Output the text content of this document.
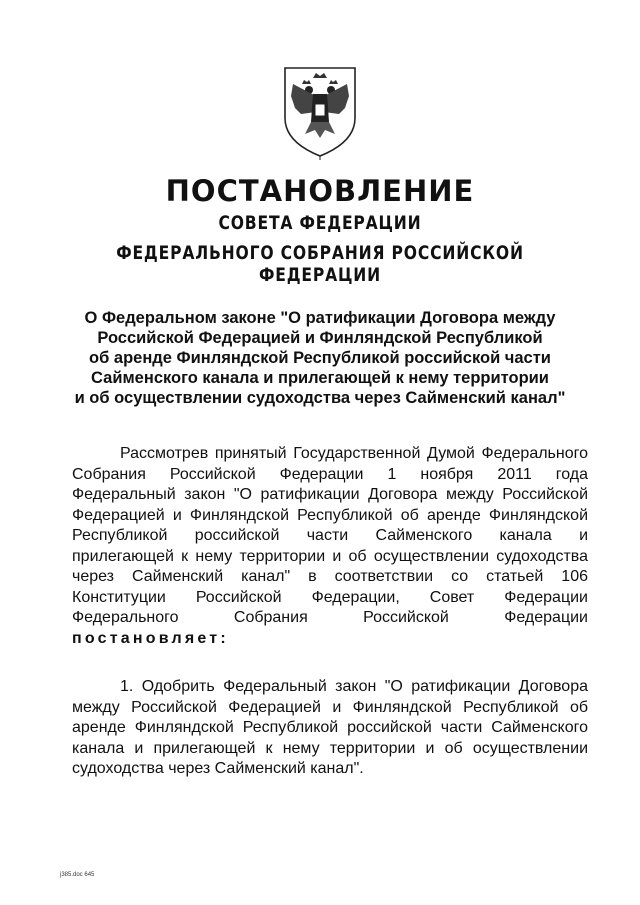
ПОСТАНОВЛЕНИЕ
СОВЕТА ФЕДЕРАЦИИ
ФЕДЕРАЛЬНОГО СОБРАНИЯ РОССИЙСКОЙ ФЕДЕРАЦИИ
О Федеральном законе "О ратификации Договора между
Российской Федерацией и Финляндской Республикой
об аренде Финляндской Республикой российской части
Сайменского канала и прилегающей к нему территории
и об осуществлении судоходства через Сайменский канал"
Рассмотрев принятый Государственной Думой Федерального
Собрания Российской Федерации 1 ноября 2011 года
Федеральный закон "О ратификации Договора между Российской
Федерацией и Финляндской Республикой об аренде Финляндской
Республикой российской части Сайменского канала и
прилегающей к нему территории и об осуществлении судоходства
через Сайменский канал" в соответствии со статьей 106
Конституции Российской Федерации, Совет Федерации
Федерального Собрания Российской Федерации
постановляет:
1. Одобрить Федеральный закон "О ратификации Договора
между Российской Федерацией и Финляндской Республикой об
аренде Финляндской Республикой российской части Сайменского
канала и прилегающей к нему территории и об осуществлении
судоходства через Сайменский канал".
j385.doc 645
